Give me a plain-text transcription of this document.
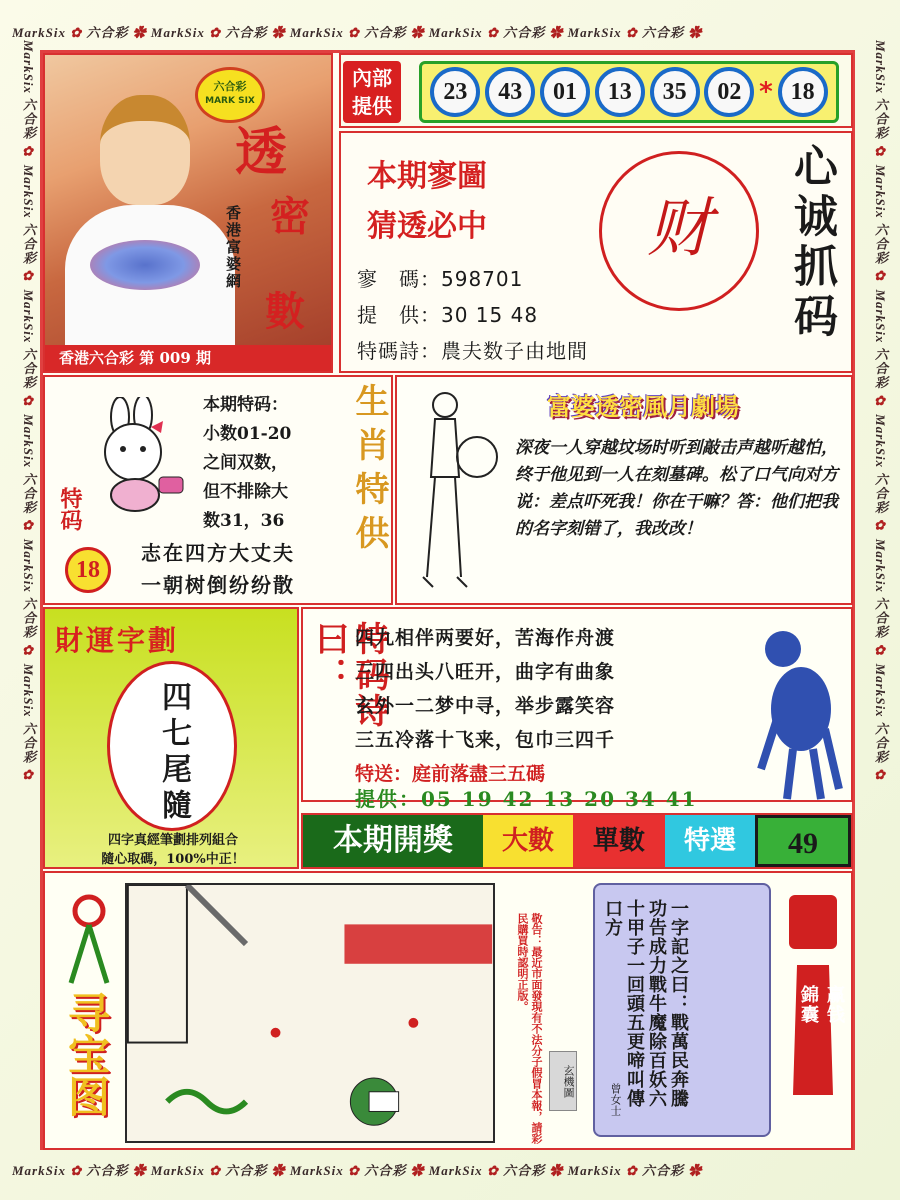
MarkSix ✿ 六合彩 ✿ MarkSix ✿ 六合彩 ✿ MarkSix ✿ 六合彩 ✿ MarkSix ✿ 六合彩 ✿ MarkSix ✿ 六合彩 ✿
MarkSix ✿ 六合彩 ✿ MarkSix ✿ 六合彩 ✿ MarkSix ✿ 六合彩 ✿ MarkSix ✿ 六合彩 ✿ MarkSix ✿ 六合彩 ✿
MarkSix 六合彩 ✿ MarkSix 六合彩 ✿ MarkSix 六合彩 ✿ MarkSix 六合彩 ✿ MarkSix 六合彩 ✿ MarkSix 六合彩 ✿
MarkSix 六合彩 ✿ MarkSix 六合彩 ✿ MarkSix 六合彩 ✿ MarkSix 六合彩 ✿ MarkSix 六合彩 ✿ MarkSix 六合彩 ✿
六合彩
MARK SIX
透
密
數
香港富婆網
香港六合彩 第 009 期
內部提供
23	43	01	13	35	02 * 18
本期寥圖
猜透必中
寥　碼：598701
提　供：30 15 48
特碼詩：農夫数子由地間
财	心诚抓码
特码
18
本期特码：
小数01-20
之间双数，
但不排除大
数31，36
志在四方大丈夫
一朝树倒纷纷散
生肖特供	富婆透密風月劇場
深夜一人穿越坟场时听到敲击声越听越怕，终于他见到一人在刻墓碑。松了口气向对方说：差点吓死我！你在干嘛？答：他们把我的名字刻错了，我改改！
財運字劃
四七尾隨
四字真經筆劃排列組合
隨心取碼，100%中正！
特码诗曰： 四九相伴两要好，苦海作舟渡
三四出头八旺开，曲字有曲象
玄外一二梦中寻，举步露笑容
三五冷落十飞来，包巾三四千
特送：庭前落盡三五碼
提供：05 19 42 13 20 34 41
本期開獎	大數	單數	特選	49
寻宝图	敬告：最近市面發現有不法分子假冒本報，請彩民購買時認明正版。
玄機圖	一字記之曰：戰萬民奔騰功告成力戰牛魔除百妖六十甲子一回頭五更啼叫傳口方
曾女士
錦囊 赢钱
